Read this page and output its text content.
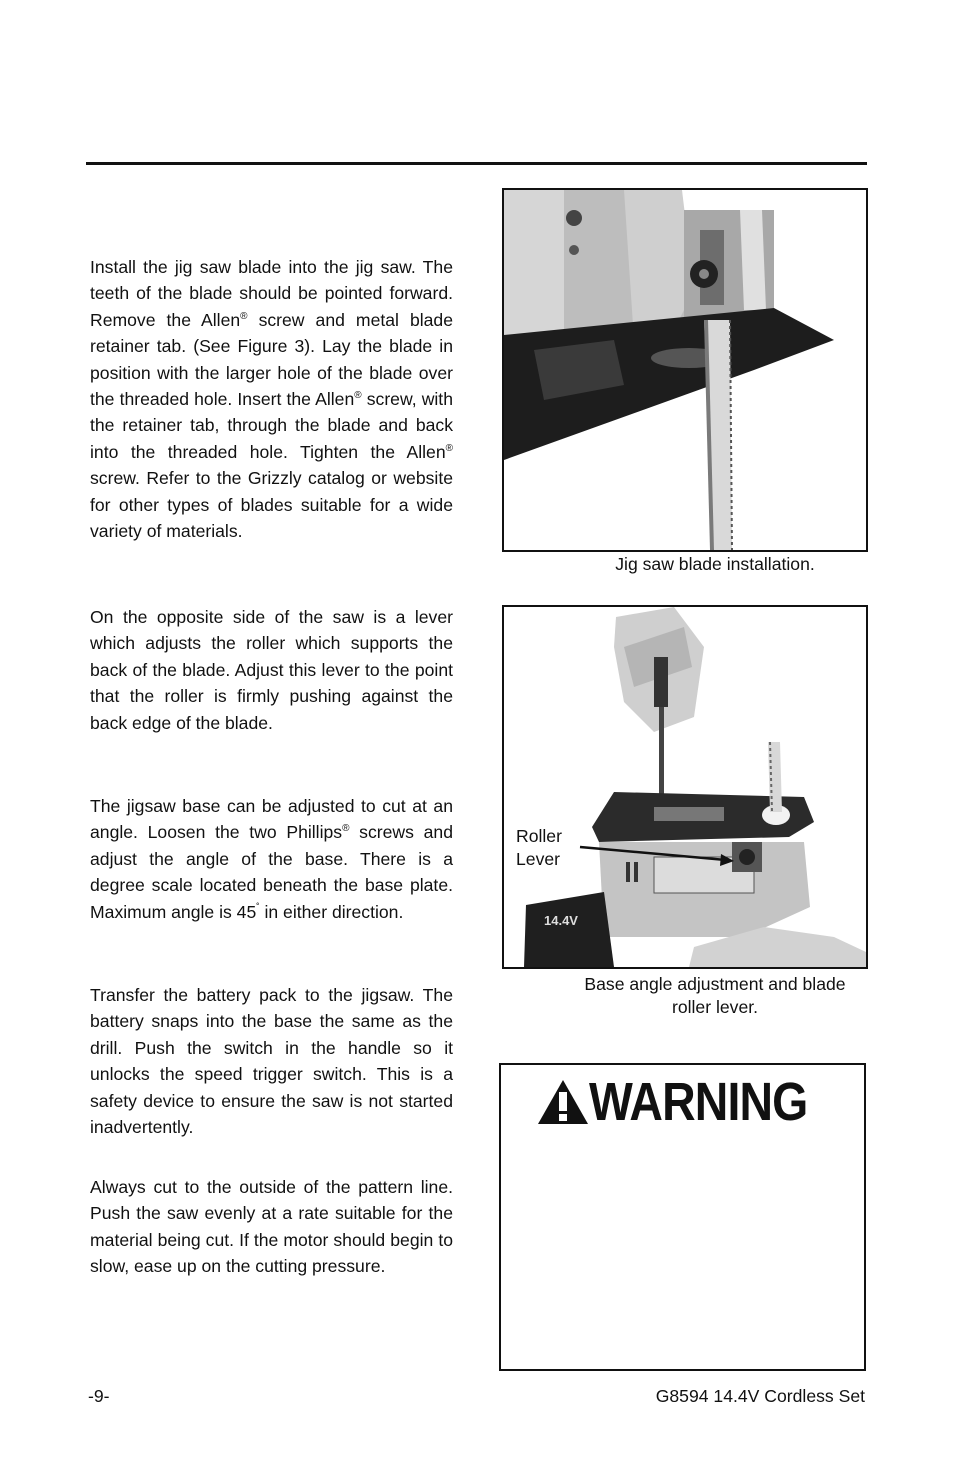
Install the jig saw blade into the jig saw. The teeth of the blade should be pointed forward. Remove the Allen® screw and metal blade retainer tab. (See Figure 3). Lay the blade in position with the larger hole of the blade over the threaded hole. Insert the Allen® screw, with the retainer tab, through the blade and back into the threaded hole. Tighten the Allen® screw. Refer to the Grizzly catalog or website for other types of blades suitable for a wide variety of materials.

On the opposite side of the saw is a lever which adjusts the roller which supports the back of the blade. Adjust this lever to the point that the roller is firmly pushing against the back edge of the blade.

The jigsaw base can be adjusted to cut at an angle. Loosen the two Phillips® screws and adjust the angle of the base. There is a degree scale located beneath the base plate. Maximum angle is 45˚ in either direction.

Transfer the battery pack to the jigsaw. The battery snaps into the base the same as the drill. Push the switch in the handle so it unlocks the speed trigger switch. This is a safety device to ensure the saw is not started inadvertently.

Always cut to the outside of the pattern line. Push the saw evenly at a rate suitable for the material being cut. If the motor should begin to slow, ease up on the cutting pressure.

Jig saw blade installation.
14.4V
Roller
Lever
Base angle adjustment and blade
roller lever.
WARNING
-9-	G8594 14.4V Cordless Set
